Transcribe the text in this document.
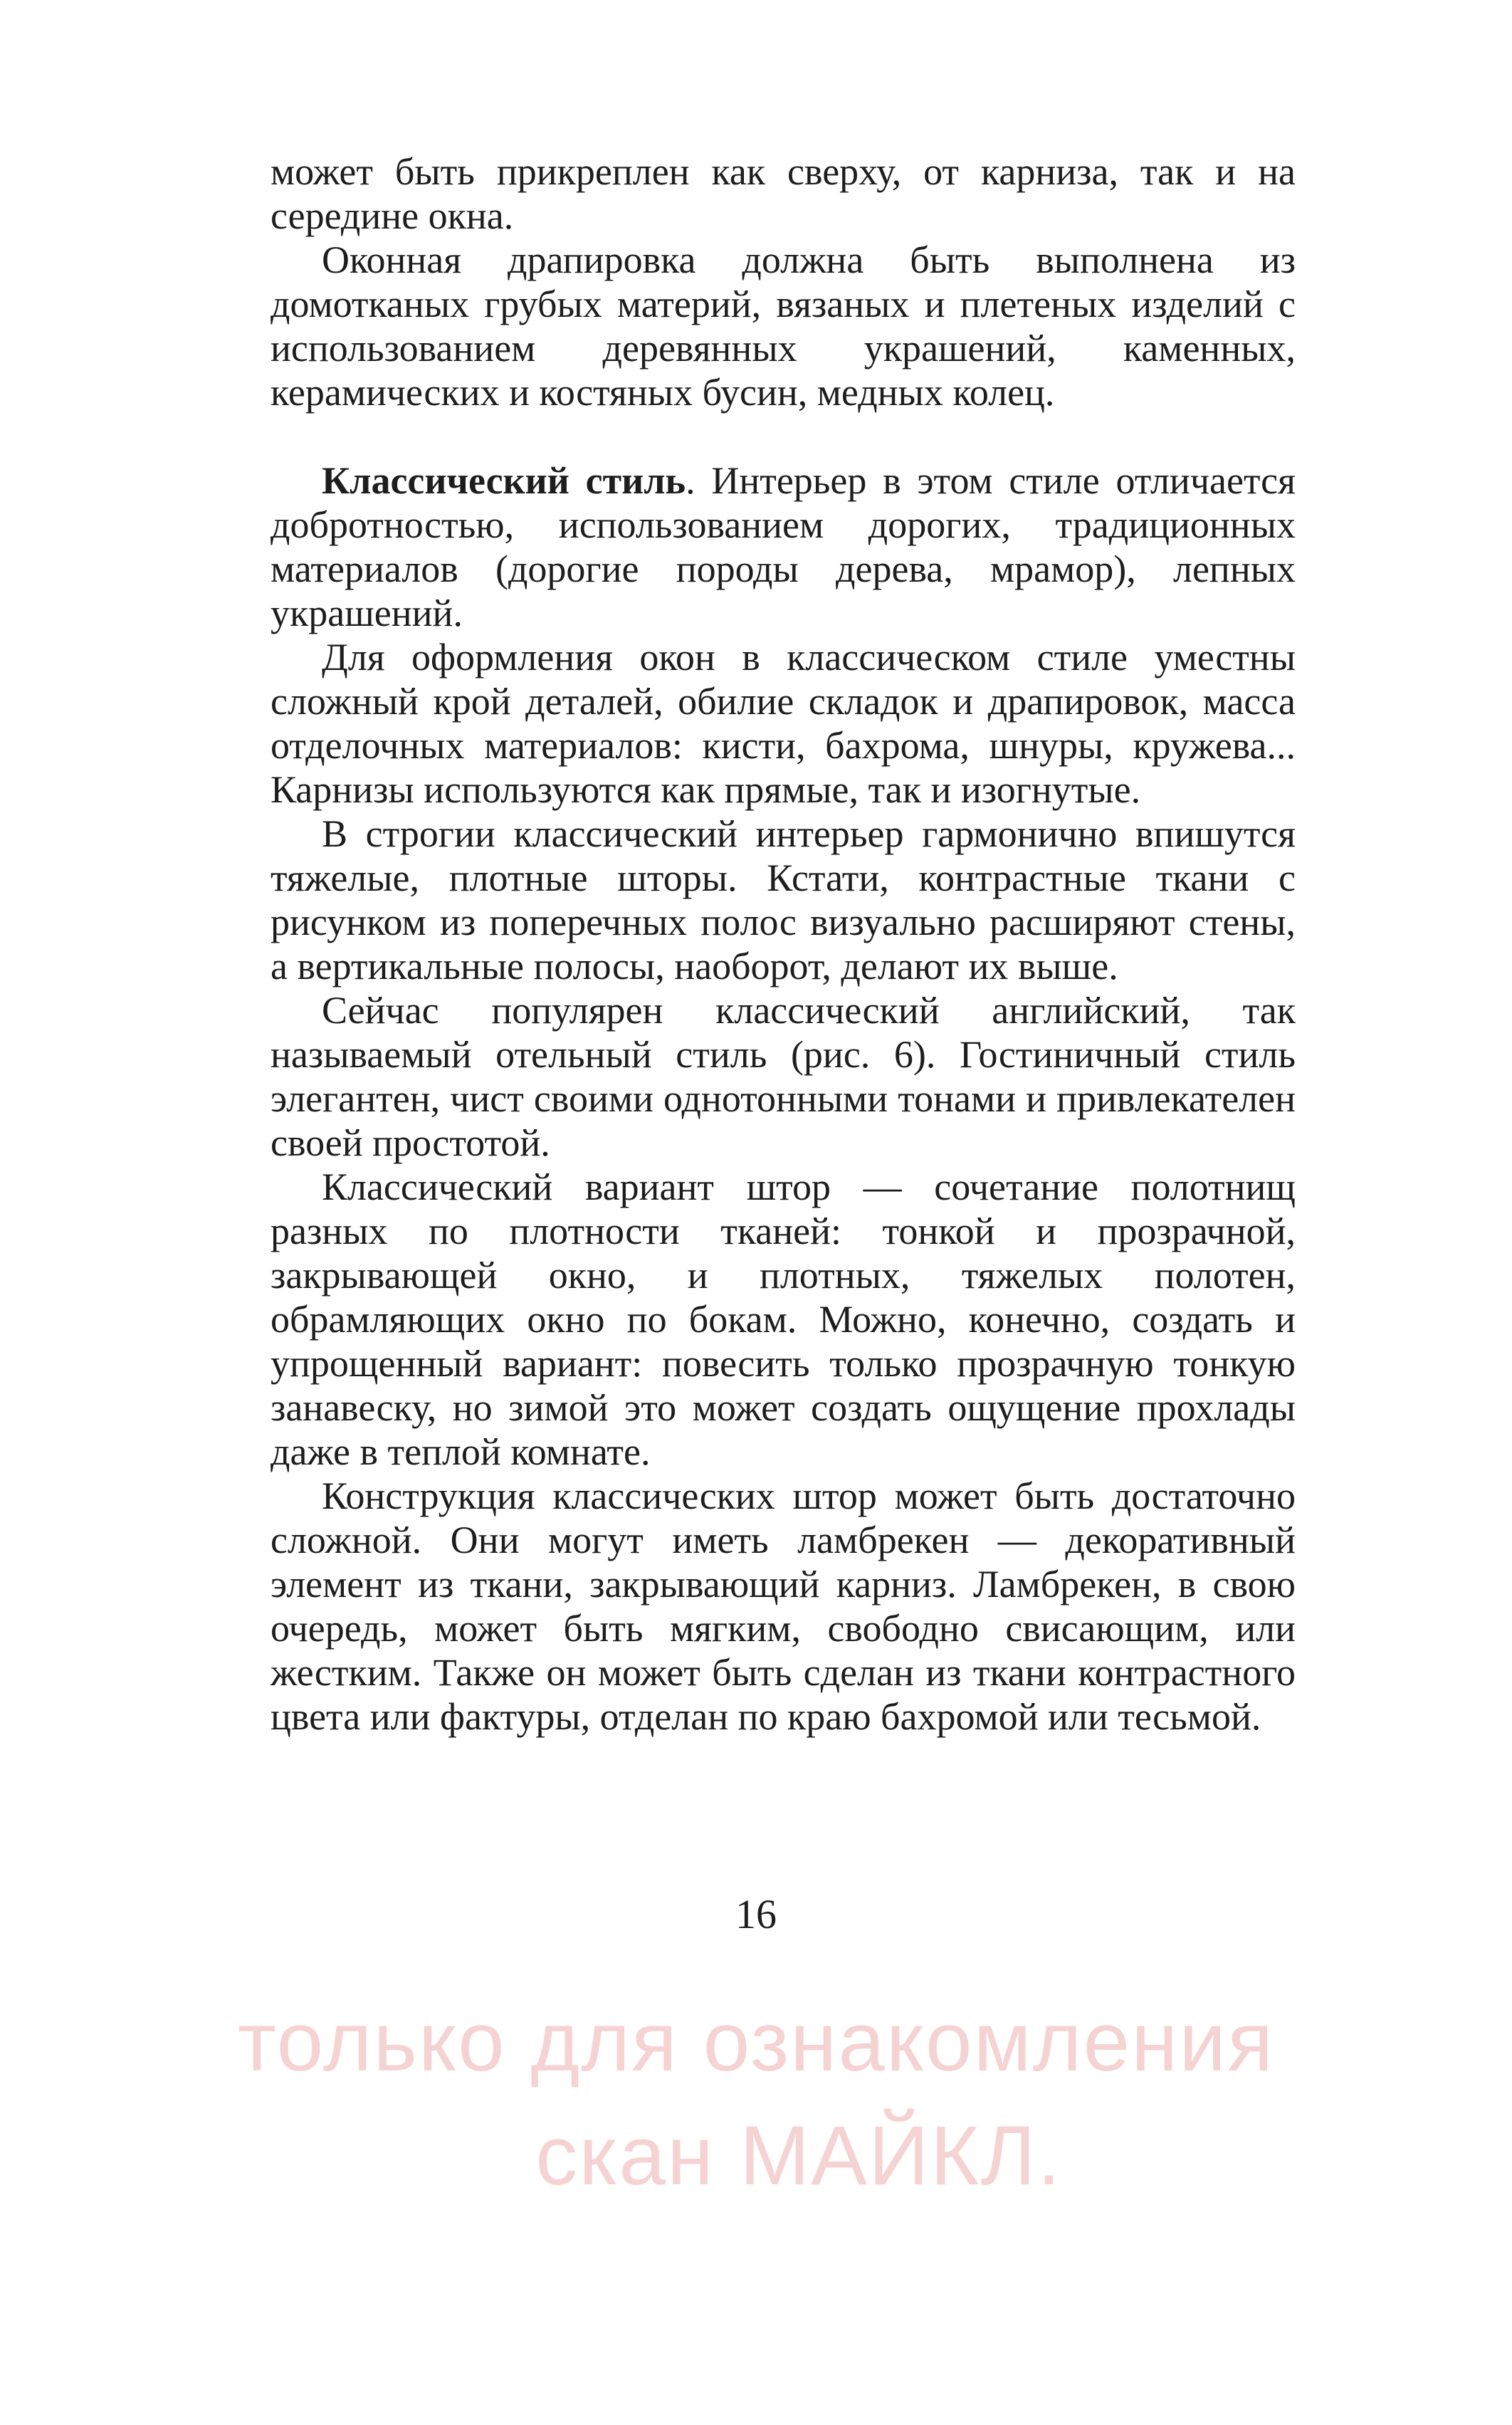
может быть прикреплен как сверху, от карниза, так и на середине окна.

Оконная драпировка должна быть выполнена из домотканых грубых материй, вязаных и плетеных изделий с использованием деревянных украшений, каменных, керамических и костяных бусин, медных колец.

Классический стиль. Интерьер в этом стиле отличается добротностью, использованием дорогих, традиционных материалов (дорогие породы дерева, мрамор), лепных украшений.

Для оформления окон в классическом стиле уместны сложный крой деталей, обилие складок и драпировок, масса отделочных материалов: кисти, бахрома, шнуры, кружева... Карнизы используются как прямые, так и изогнутые.

В строгии классический интерьер гармонично впишутся тяжелые, плотные шторы. Кстати, контрастные ткани с рисунком из поперечных полос визуально расширяют стены, а вертикальные полосы, наоборот, делают их выше.

Сейчас популярен классический английский, так называемый отельный стиль (рис. 6). Гостиничный стиль элегантен, чист своими однотонными тонами и привлекателен своей простотой.

Классический вариант штор — сочетание полотнищ разных по плотности тканей: тонкой и прозрачной, закрывающей окно, и плотных, тяжелых полотен, обрамляющих окно по бокам. Можно, конечно, создать и упрощенный вариант: повесить только прозрачную тонкую занавеску, но зимой это может создать ощущение прохлады даже в теплой комнате.

Конструкция классических штор может быть достаточно сложной. Они могут иметь ламбрекен — декоративный элемент из ткани, закрывающий карниз. Ламбрекен, в свою очередь, может быть мягким, свободно свисающим, или жестким. Также он может быть сделан из ткани контрастного цвета или фактуры, отделан по краю бахромой или тесьмой.

16
только для ознакомления
скан МАЙКЛ.
